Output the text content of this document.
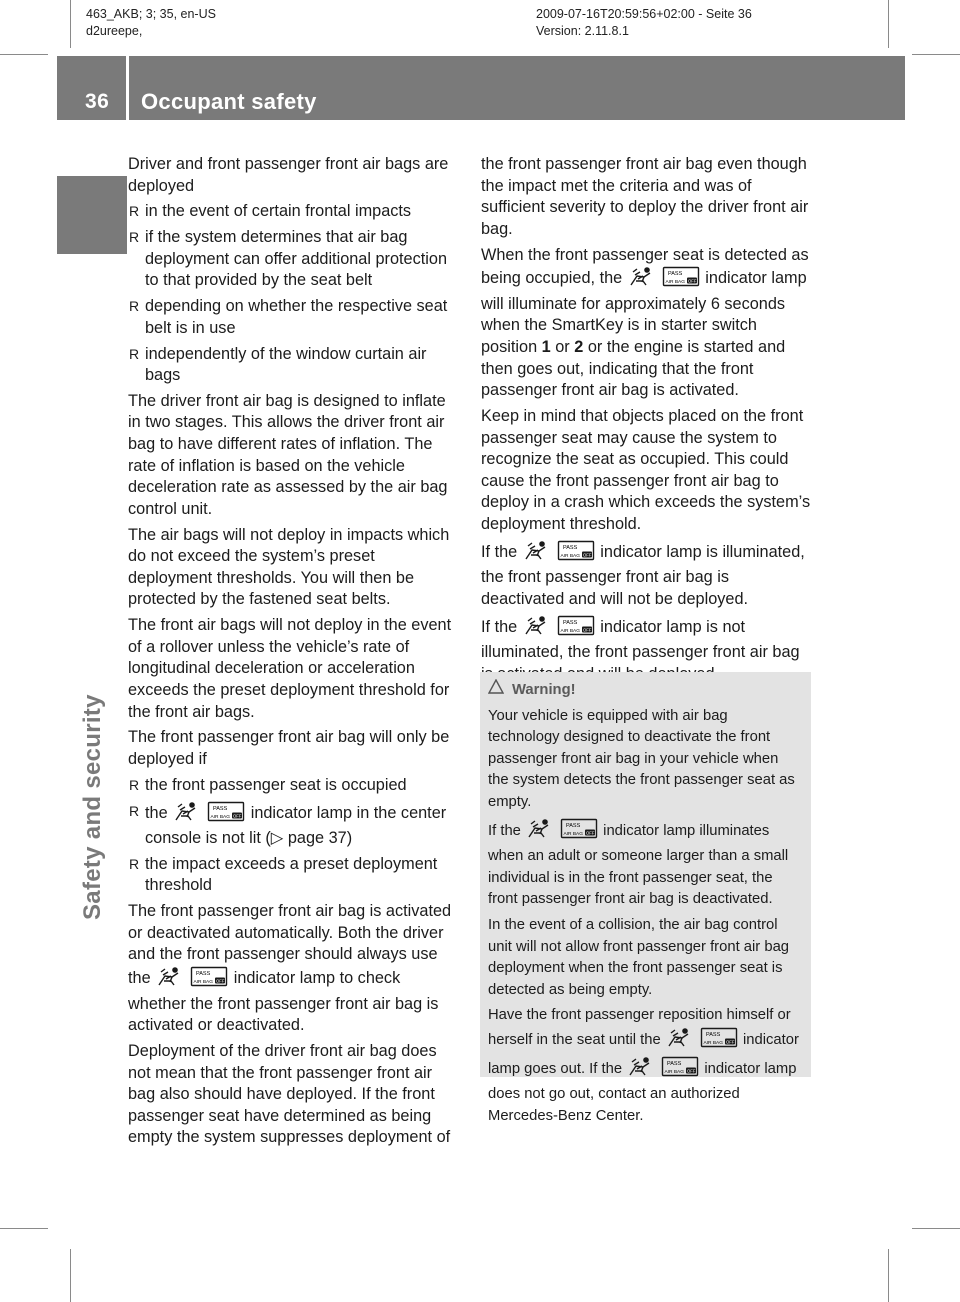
463_AKB; 3; 35, en-US
d2ureepe,
2009-07-16T20:59:56+02:00 - Seite 36
Version: 2.11.8.1
36 Occupant safety
Safety and security

Driver and front passenger front air bags are deployed

R in the event of certain frontal impacts
R if the system determines that air bag deployment can offer additional protection to that provided by the seat belt
R depending on whether the respective seat belt is in use
R independently of the window curtain air bags

The driver front air bag is designed to inflate in two stages. This allows the driver front air bag to have different rates of inflation. The rate of inflation is based on the vehicle deceleration rate as assessed by the air bag control unit.

The air bags will not deploy in impacts which do not exceed the system’s preset deployment thresholds. You will then be protected by the fastened seat belts.

The front air bags will not deploy in the event of a rollover unless the vehicle’s rate of longitudinal deceleration or acceleration exceeds the preset deployment threshold for the front air bags.

The front passenger front air bag will only be deployed if

R the front passenger seat is occupied
R the	PASS
AIR BAG OFF indicator lamp in the center console is not lit (▷ page 37)
R the impact exceeds a preset deployment threshold

The front passenger front air bag is activated or deactivated automatically. Both the driver and the front passenger should always use the	PASS
AIR BAG OFF indicator lamp to check whether the front passenger front air bag is activated or deactivated.

Deployment of the driver front air bag does not mean that the front passenger front air bag also should have deployed. If the front passenger seat have determined as being empty the system suppresses deployment of

the front passenger front air bag even though the impact met the criteria and was of sufficient severity to deploy the driver front air bag.

When the front passenger seat is detected as being occupied, the	PASS
AIR BAG OFF indicator lamp will illuminate for approximately 6 seconds when the SmartKey is in starter switch position 1 or 2 or the engine is started and then goes out, indicating that the front passenger front air bag is activated.

Keep in mind that objects placed on the front passenger seat may cause the system to recognize the seat as occupied. This could cause the front passenger front air bag to deploy in a crash which exceeds the system’s deployment threshold.

If the	PASS
AIR BAG OFF indicator lamp is illuminated, the front passenger front air bag is deactivated and will not be deployed.

If the	PASS
AIR BAG OFF indicator lamp is not illuminated, the front passenger front air bag

Warning!

Your vehicle is equipped with air bag technology designed to deactivate the front passenger front air bag in your vehicle when the system detects the front passenger seat as empty.

If the	PASS
AIR BAG OFF indicator lamp illuminates when an adult or someone larger than a small individual is in the front passenger seat, the front passenger front air bag is deactivated.

In the event of a collision, the air bag control unit will not allow front passenger front air bag deployment when the front passenger seat is detected as being empty.

Have the front passenger reposition himself or herself in the seat until the	PASS
AIR BAG OFF indicator lamp goes out. If the	PASS
AIR BAG OFF indicator lamp does not go out, contact an authorized Mercedes-Benz Center.
